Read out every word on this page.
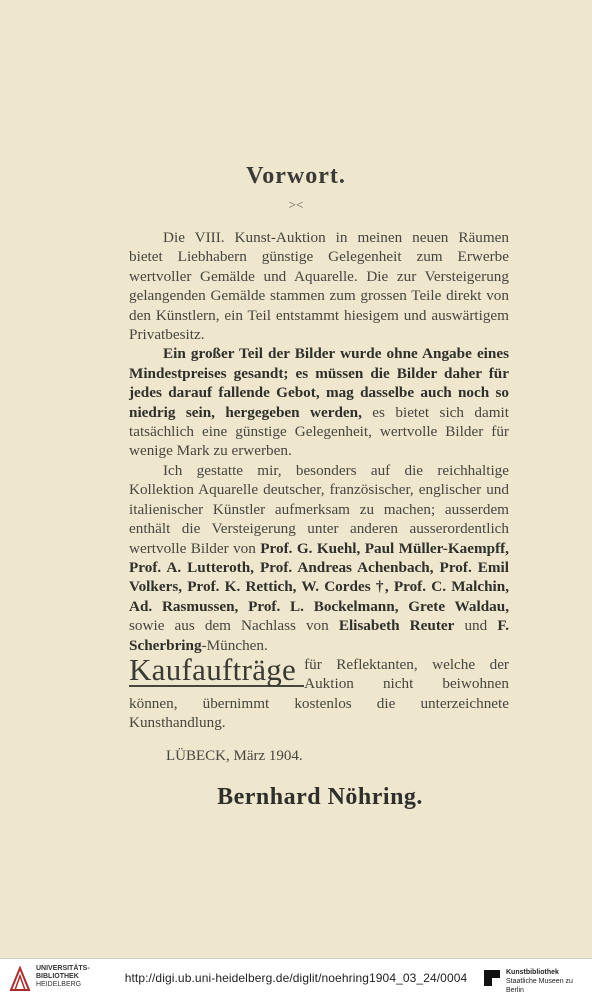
Vorwort.
><

Die VIII. Kunst-Auktion in meinen neuen Räumen bietet Liebhabern günstige Gelegenheit zum Erwerbe wertvoller Gemälde und Aquarelle. Die zur Versteigerung gelangenden Gemälde stammen zum grossen Teile direkt von den Künstlern, ein Teil entstammt hiesigem und auswärtigem Privatbesitz.

Ein großer Teil der Bilder wurde ohne Angabe eines Mindestpreises gesandt; es müssen die Bilder daher für jedes darauf fallende Gebot, mag dasselbe auch noch so niedrig sein, hergegeben werden, es bietet sich damit tatsächlich eine günstige Gelegenheit, wertvolle Bilder für wenige Mark zu erwerben.

Ich gestatte mir, besonders auf die reichhaltige Kollektion Aquarelle deutscher, französischer, englischer und italienischer Künstler aufmerksam zu machen; ausserdem enthält die Versteigerung unter anderen ausserordentlich wertvolle Bilder von Prof. G. Kuehl, Paul Müller-Kaempff, Prof. A. Lutteroth, Prof. Andreas Achenbach, Prof. Emil Volkers, Prof. K. Rettich, W. Cordes †, Prof. C. Malchin, Ad. Rasmussen, Prof. L. Bockelmann, Grete Waldau, sowie aus dem Nachlass von Elisabeth Reuter und F. Scherbring-München.

Kaufaufträge für Reflektanten, welche der Auktion nicht beiwohnen können, übernimmt kostenlos die unterzeichnete Kunsthandlung.

LÜBECK, März 1904.
Bernhard Nöhring.
UNIVERSITÄTS-
BIBLIOTHEK
HEIDELBERG	http://digi.ub.uni-heidelberg.de/diglit/noehring1904_03_24/0004	Kunstbibliothek
Staatliche Museen zu Berlin
